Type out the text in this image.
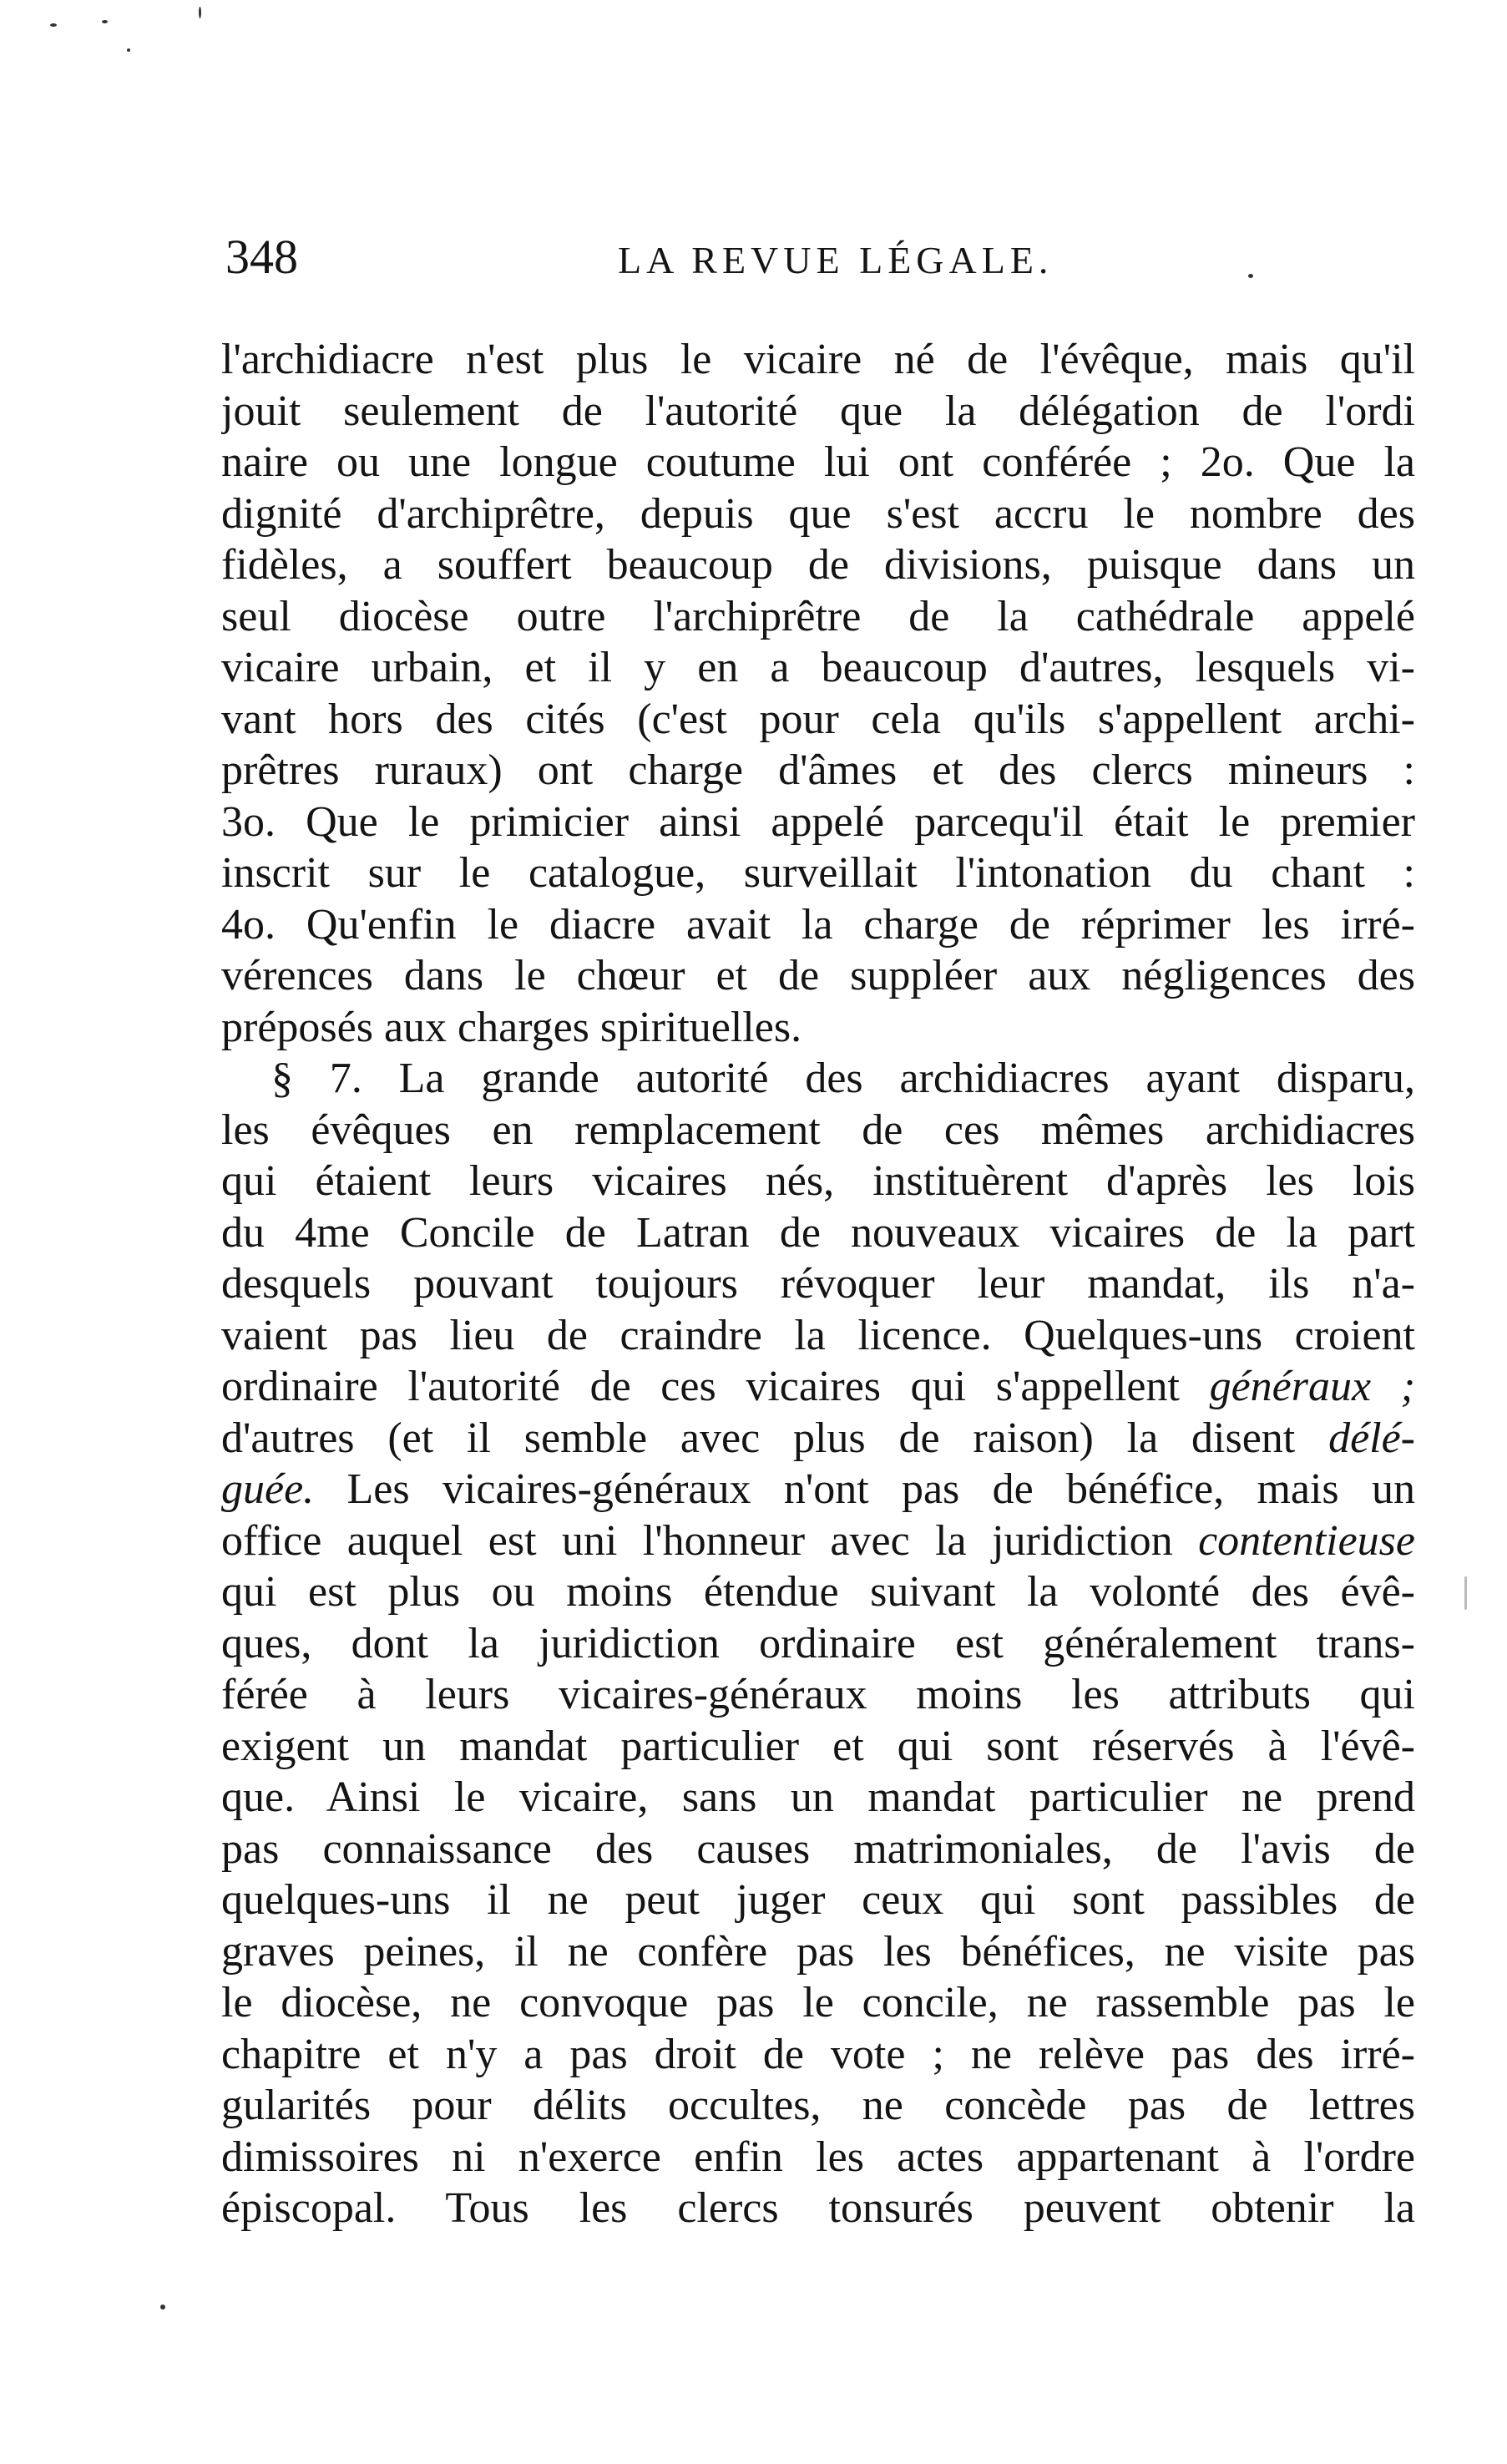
348	LA REVUE LÉGALE.
l'archidiacre n'est plus le vicaire né de l'évêque, mais qu'il
jouit seulement de l'autorité que la délégation de l'ordi
naire ou une longue coutume lui ont conférée ; 2o. Que la
dignité d'archiprêtre, depuis que s'est accru le nombre des
fidèles, a souffert beaucoup de divisions, puisque dans un
seul diocèse outre l'archiprêtre de la cathédrale appelé
vicaire urbain, et il y en a beaucoup d'autres, lesquels vi-
vant hors des cités (c'est pour cela qu'ils s'appellent archi-
prêtres ruraux) ont charge d'âmes et des clercs mineurs :
3o. Que le primicier ainsi appelé parcequ'il était le premier
inscrit sur le catalogue, surveillait l'intonation du chant :
4o. Qu'enfin le diacre avait la charge de réprimer les irré-
vérences dans le chœur et de suppléer aux négligences des
préposés aux charges spirituelles.
§ 7. La grande autorité des archidiacres ayant disparu,
les évêques en remplacement de ces mêmes archidiacres
qui étaient leurs vicaires nés, instituèrent d'après les lois
du 4me Concile de Latran de nouveaux vicaires de la part
desquels pouvant toujours révoquer leur mandat, ils n'a-
vaient pas lieu de craindre la licence. Quelques-uns croient
ordinaire l'autorité de ces vicaires qui s'appellent généraux ;
d'autres (et il semble avec plus de raison) la disent délé-
guée. Les vicaires-généraux n'ont pas de bénéfice, mais un
office auquel est uni l'honneur avec la juridiction contentieuse
qui est plus ou moins étendue suivant la volonté des évê-
ques, dont la juridiction ordinaire est généralement trans-
férée à leurs vicaires-généraux moins les attributs qui
exigent un mandat particulier et qui sont réservés à l'évê-
que. Ainsi le vicaire, sans un mandat particulier ne prend
pas connaissance des causes matrimoniales, de l'avis de
quelques-uns il ne peut juger ceux qui sont passibles de
graves peines, il ne confère pas les bénéfices, ne visite pas
le diocèse, ne convoque pas le concile, ne rassemble pas le
chapitre et n'y a pas droit de vote ; ne relève pas des irré-
gularités pour délits occultes, ne concède pas de lettres
dimissoires ni n'exerce enfin les actes appartenant à l'ordre
épiscopal. Tous les clercs tonsurés peuvent obtenir la
